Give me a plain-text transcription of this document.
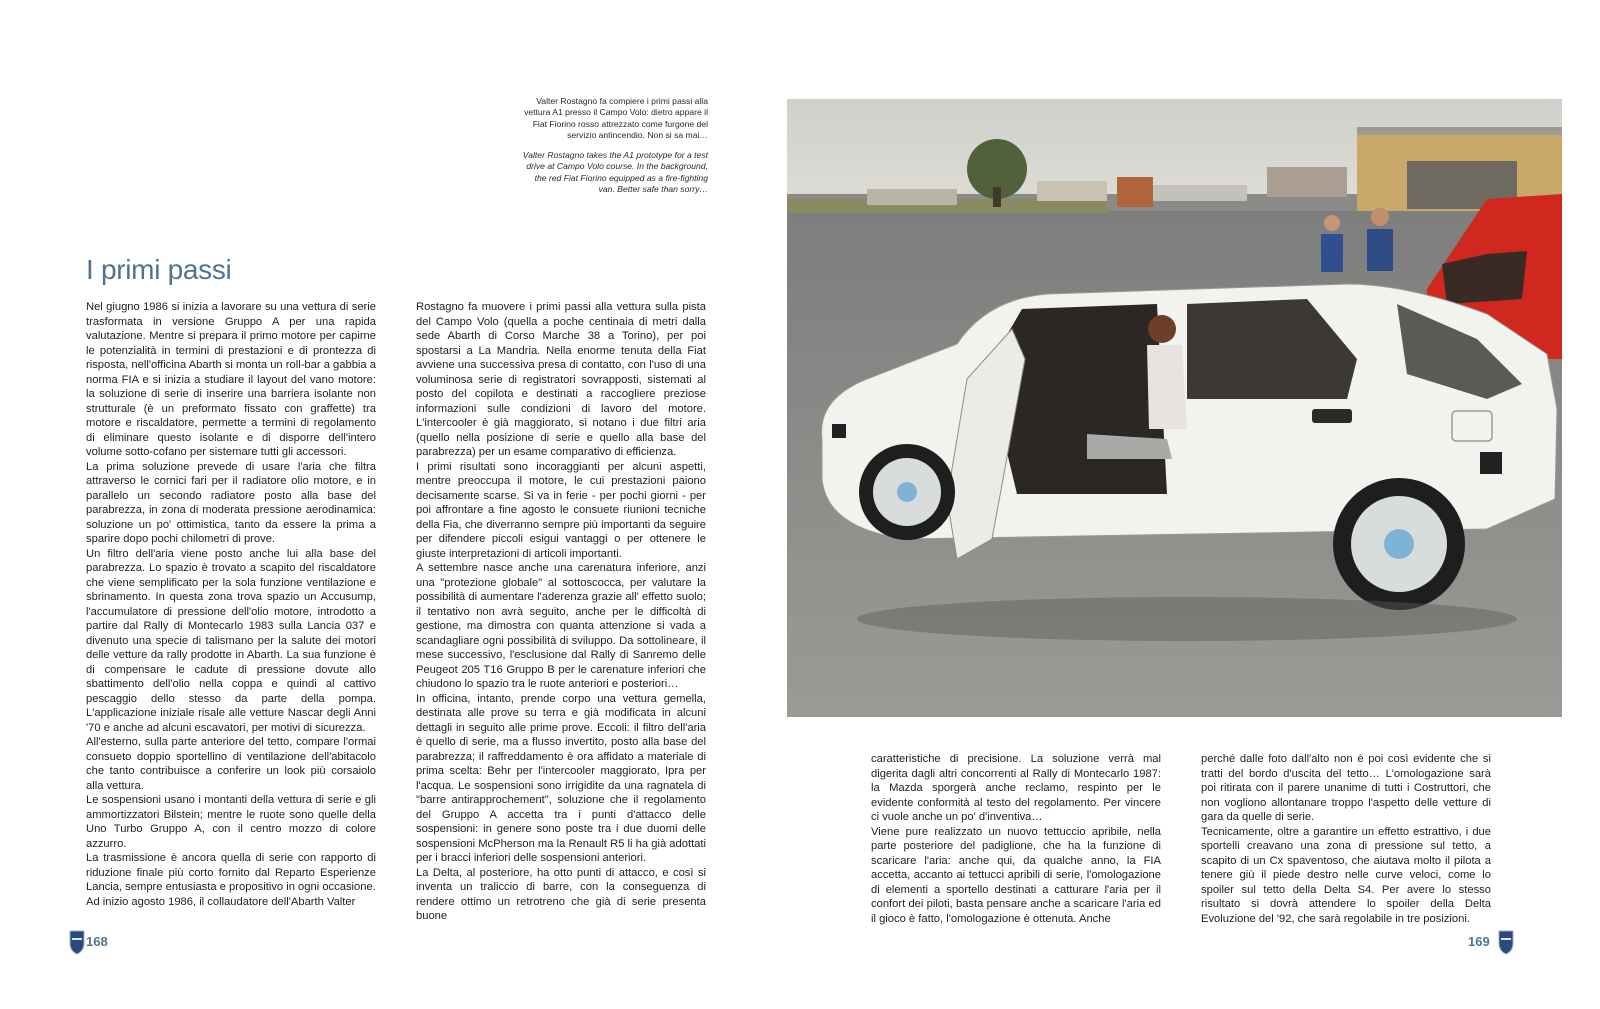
Valter Rostagno fa compiere i primi passi alla vettura A1 presso il Campo Volo: dietro appare il Fiat Fiorino rosso attrezzato come furgone del servizio antincendio. Non si sa mai…
Valter Rostagno takes the A1 prototype for a test drive at Campo Volo course. In the background, the red Fiat Fiorino equipped as a fire-fighting van. Better safe than sorry…
I primi passi

Nel giugno 1986 si inizia a lavorare su una vettura di serie trasformata in versione Gruppo A per una rapida valutazione. Mentre si prepara il primo motore per capirne le potenzialità in termini di prestazioni e di prontezza di risposta, nell'officina Abarth si monta un roll-bar a gabbia a norma FIA e si inizia a studiare il layout del vano motore: la soluzione di serie di inserire una barriera isolante non strutturale (è un preformato fissato con graffette) tra motore e riscaldatore, permette a termini di regolamento di eliminare questo isolante e di disporre dell'intero volume sotto-cofano per sistemare tutti gli accessori.

La prima soluzione prevede di usare l'aria che filtra attraverso le cornici fari per il radiatore olio motore, e in parallelo un secondo radiatore posto alla base del parabrezza, in zona di moderata pressione aerodinamica: soluzione un po' ottimistica, tanto da essere la prima a sparire dopo pochi chilometri di prove.

Un filtro dell'aria viene posto anche lui alla base del parabrezza. Lo spazio è trovato a scapito del riscaldatore che viene semplificato per la sola funzione ventilazione e sbrinamento. In questa zona trova spazio un Accusump, l'accumulatore di pressione dell'olio motore, introdotto a partire dal Rally di Montecarlo 1983 sulla Lancia 037 e divenuto una specie di talismano per la salute dei motori delle vetture da rally prodotte in Abarth. La sua funzione è di compensare le cadute di pressione dovute allo sbattimento dell'olio nella coppa e quindi al cattivo pescaggio dello stesso da parte della pompa. L'applicazione iniziale risale alle vetture Nascar degli Anni '70 e anche ad alcuni escavatori, per motivi di sicurezza.

All'esterno, sulla parte anteriore del tetto, compare l'ormai consueto doppio sportellino di ventilazione dell'abitacolo che tanto contribuisce a conferire un look più corsaiolo alla vettura.

Le sospensioni usano i montanti della vettura di serie e gli ammortizzatori Bilstein; mentre le ruote sono quelle della Uno Turbo Gruppo A, con il centro mozzo di colore azzurro.

La trasmissione è ancora quella di serie con rapporto di riduzione finale più corto fornito dal Reparto Esperienze Lancia, sempre entusiasta e propositivo in ogni occasione.

Ad inizio agosto 1986, il collaudatore dell'Abarth Valter

Rostagno fa muovere i primi passi alla vettura sulla pista del Campo Volo (quella a poche centinaia di metri dalla sede Abarth di Corso Marche 38 a Torino), per poi spostarsi a La Mandria. Nella enorme tenuta della Fiat avviene una successiva presa di contatto, con l'uso di una voluminosa serie di registratori sovrapposti, sistemati al posto del copilota e destinati a raccogliere preziose informazioni sulle condizioni di lavoro del motore. L'intercooler è già maggiorato, si notano i due filtri aria (quello nella posizione di serie e quello alla base del parabrezza) per un esame comparativo di efficienza.

I primi risultati sono incoraggianti per alcuni aspetti, mentre preoccupa il motore, le cui prestazioni paiono decisamente scarse. Si va in ferie - per pochi giorni - per poi affrontare a fine agosto le consuete riunioni tecniche della Fia, che diverranno sempre più importanti da seguire per difendere piccoli esigui vantaggi o per ottenere le giuste interpretazioni di articoli importanti.

A settembre nasce anche una carenatura inferiore, anzi una "protezione globale" al sottoscocca, per valutare la possibilità di aumentare l'aderenza grazie all' effetto suolo; il tentativo non avrà seguito, anche per le difficoltà di gestione, ma dimostra con quanta attenzione si vada a scandagliare ogni possibilità di sviluppo. Da sottolineare, il mese successivo, l'esclusione dal Rally di Sanremo delle Peugeot 205 T16 Gruppo B per le carenature inferiori che chiudono lo spazio tra le ruote anteriori e posteriori…

In officina, intanto, prende corpo una vettura gemella, destinata alle prove su terra e già modificata in alcuni dettagli in seguito alle prime prove. Eccoli: il filtro dell'aria è quello di serie, ma a flusso invertito, posto alla base del parabrezza; il raffreddamento è ora affidato a materiale di prima scelta: Behr per l'intercooler maggiorato, Ipra per l'acqua. Le sospensioni sono irrigidite da una ragnatela di "barre antirapprochement", soluzione che il regolamento del Gruppo A accetta tra i punti d'attacco delle sospensioni: in genere sono poste tra i due duomi delle sospensioni McPherson ma la Renault R5 li ha già adottati per i bracci inferiori delle sospensioni anteriori.

La Delta, al posteriore, ha otto punti di attacco, e così si inventa un traliccio di barre, con la conseguenza di rendere ottimo un retrotreno che già di serie presenta buone

caratteristiche di precisione. La soluzione verrà mal digerita dagli altri concorrenti al Rally di Montecarlo 1987: la Mazda sporgerà anche reclamo, respinto per le evidente conformità al testo del regolamento. Per vincere ci vuole anche un po' d'inventiva…

Viene pure realizzato un nuovo tettuccio apribile, nella parte posteriore del padiglione, che ha la funzione di scaricare l'aria: anche qui, da qualche anno, la FIA accetta, accanto ai tettucci apribili di serie, l'omologazione di elementi a sportello destinati a catturare l'aria per il confort dei piloti, basta pensare anche a scaricare l'aria ed il gioco è fatto, l'omologazione è ottenuta. Anche

perché dalle foto dall'alto non è poi così evidente che si tratti del bordo d'uscita del tetto… L'omologazione sarà poi ritirata con il parere unanime di tutti i Costruttori, che non vogliono allontanare troppo l'aspetto delle vetture di gara da quelle di serie.

Tecnicamente, oltre a garantire un effetto estrattivo, i due sportelli creavano una zona di pressione sul tetto, a scapito di un Cx spaventoso, che aiutava molto il pilota a tenere giù il piede destro nelle curve veloci, come lo spoiler sul tetto della Delta S4. Per avere lo stesso risultato si dovrà attendere lo spoiler della Delta Evoluzione del '92, che sarà regolabile in tre posizioni.

168	169
